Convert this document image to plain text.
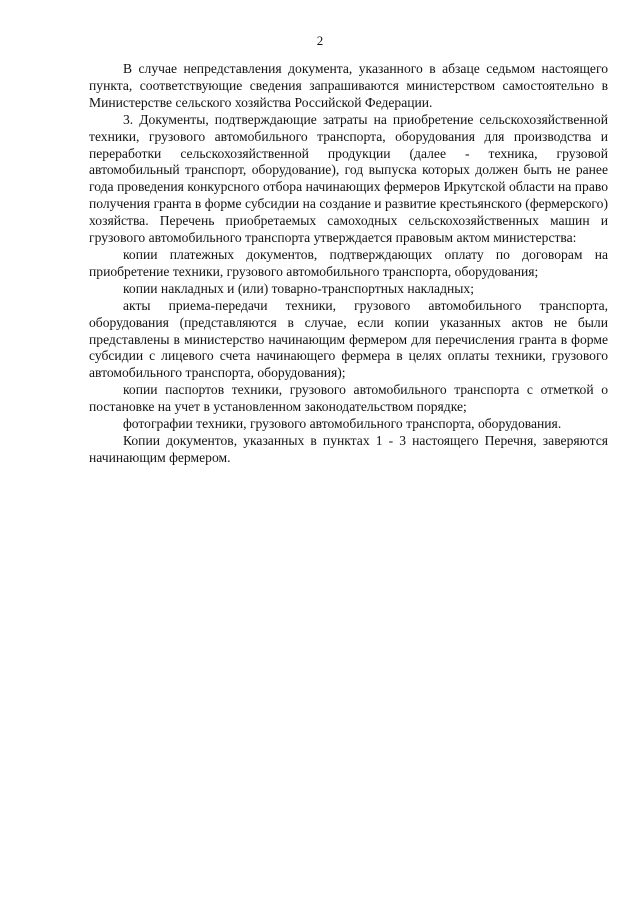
2

В случае непредставления документа, указанного в абзаце седьмом настоящего пункта, соответствующие сведения запрашиваются министерством самостоятельно в Министерстве сельского хозяйства Российской Федерации.

3. Документы, подтверждающие затраты на приобретение сельскохозяйственной техники, грузового автомобильного транспорта, оборудования для производства и переработки сельскохозяйственной продукции (далее - техника, грузовой автомобильный транспорт, оборудование), год выпуска которых должен быть не ранее года проведения конкурсного отбора начинающих фермеров Иркутской области на право получения гранта в форме субсидии на создание и развитие крестьянского (фермерского) хозяйства. Перечень приобретаемых самоходных сельскохозяйственных машин и грузового автомобильного транспорта утверждается правовым актом министерства:

копии платежных документов, подтверждающих оплату по договорам на приобретение техники, грузового автомобильного транспорта, оборудования;

копии накладных и (или) товарно-транспортных накладных;

акты приема-передачи техники, грузового автомобильного транспорта, оборудования (представляются в случае, если копии указанных актов не были представлены в министерство начинающим фермером для перечисления гранта в форме субсидии с лицевого счета начинающего фермера в целях оплаты техники, грузового автомобильного транспорта, оборудования);

копии паспортов техники, грузового автомобильного транспорта с отметкой о постановке на учет в установленном законодательством порядке;

фотографии техники, грузового автомобильного транспорта, оборудования.

Копии документов, указанных в пунктах 1 - 3 настоящего Перечня, заверяются начинающим фермером.
